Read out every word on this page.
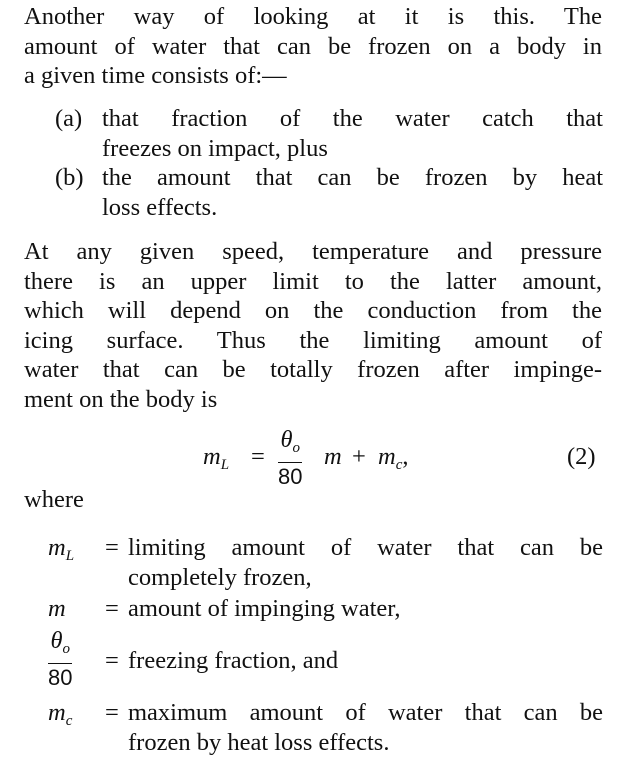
Another way of looking at it is this. The
amount of water that can be frozen on a body in
a given time consists of:—
(a) that fraction of the water catch that
freezes on impact, plus
(b) the amount that can be frozen by heat
loss effects.
At any given speed, temperature and pressure
there is an upper limit to the latter amount,
which will depend on the conduction from the
icing surface. Thus the limiting amount of
water that can be totally frozen after impinge-
ment on the body is
$m_L = \frac{\theta_o}{80}$ $m + m_c$,	(2)
where
$m_L$ = limiting amount of water that can be
completely frozen,
m = amount of impinging water,
$\frac{\theta_o}{80}$ = freezing fraction, and
$m_c$ = maximum amount of water that can be
frozen by heat loss effects.
